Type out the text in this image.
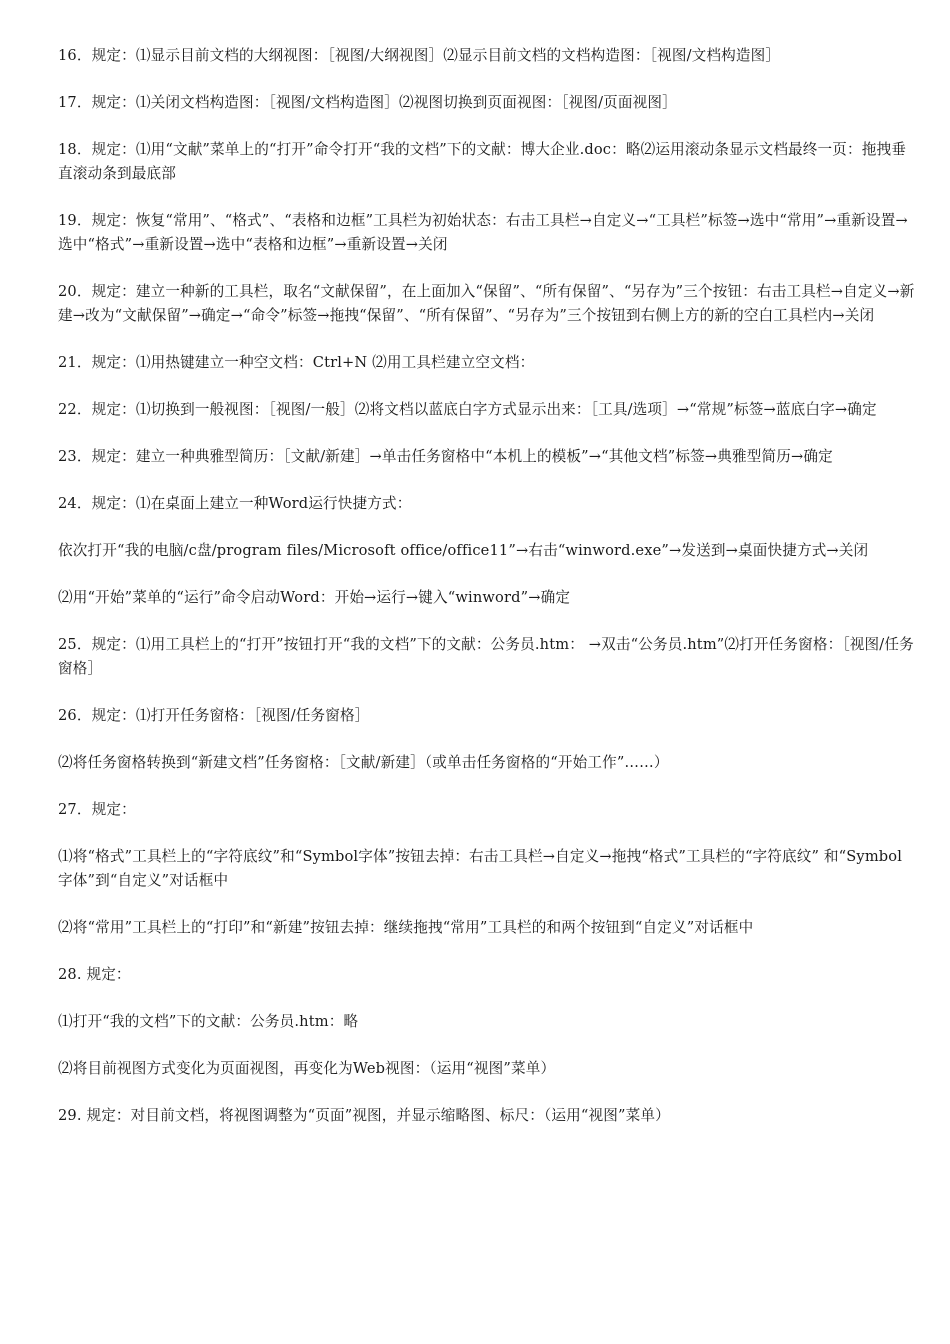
16．规定：⑴显示目前文档的大纲视图：［视图/大纲视图］⑵显示目前文档的文档构造图：［视图/文档构造图］

17．规定：⑴关闭文档构造图：［视图/文档构造图］⑵视图切换到页面视图：［视图/页面视图］

18．规定：⑴用“文献”菜单上的“打开”命令打开“我的文档”下的文献：博大企业.doc：略⑵运用滚动条显示文档最终一页：拖拽垂直滚动条到最底部

19．规定：恢复“常用”、“格式”、“表格和边框”工具栏为初始状态：右击工具栏→自定义→“工具栏”标签→选中“常用”→重新设置→选中“格式”→重新设置→选中“表格和边框”→重新设置→关闭

20．规定：建立一种新的工具栏，取名“文献保留”，在上面加入“保留”、“所有保留”、“另存为”三个按钮：右击工具栏→自定义→新建→改为“文献保留”→确定→“命令”标签→拖拽“保留”、“所有保留”、“另存为”三个按钮到右侧上方的新的空白工具栏内→关闭

21．规定：⑴用热键建立一种空文档：Ctrl+N ⑵用工具栏建立空文档：

22．规定：⑴切换到一般视图：［视图/一般］⑵将文档以蓝底白字方式显示出来：［工具/选项］→“常规”标签→蓝底白字→确定

23．规定：建立一种典雅型简历：［文献/新建］→单击任务窗格中“本机上的模板”→“其他文档”标签→典雅型简历→确定

24．规定：⑴在桌面上建立一种Word运行快捷方式：

依次打开“我的电脑/c盘/program files/Microsoft office/office11”→右击“winword.exe”→发送到→桌面快捷方式→关闭

⑵用“开始”菜单的“运行”命令启动Word：开始→运行→键入“winword”→确定

25．规定：⑴用工具栏上的“打开”按钮打开“我的文档”下的文献：公务员.htm： →双击“公务员.htm”⑵打开任务窗格：［视图/任务窗格］

26．规定：⑴打开任务窗格：［视图/任务窗格］

⑵将任务窗格转换到“新建文档”任务窗格：［文献/新建］（或单击任务窗格的“开始工作”……）

27．规定：

⑴将“格式”工具栏上的“字符底纹”和“Symbol字体”按钮去掉：右击工具栏→自定义→拖拽“格式”工具栏的“字符底纹” 和“Symbol字体”到“自定义”对话框中

⑵将“常用”工具栏上的“打印”和“新建”按钮去掉：继续拖拽“常用”工具栏的和两个按钮到“自定义”对话框中

28. 规定：

⑴打开“我的文档”下的文献：公务员.htm：略

⑵将目前视图方式变化为页面视图，再变化为Web视图：（运用“视图”菜单）

29. 规定：对目前文档，将视图调整为“页面”视图，并显示缩略图、标尺：（运用“视图”菜单）
